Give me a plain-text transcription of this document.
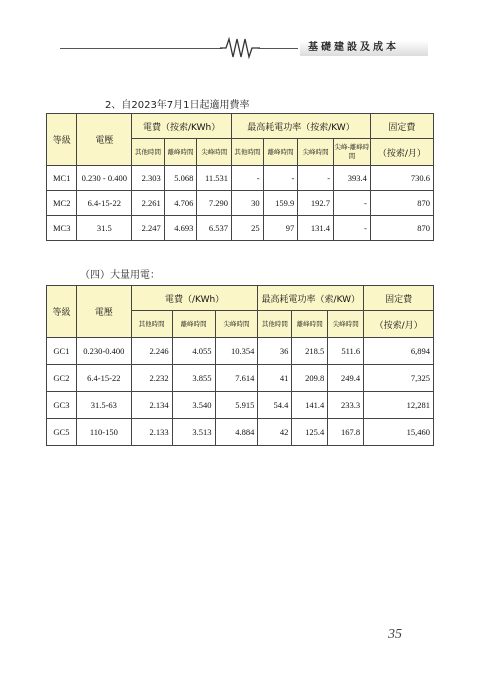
基礎建設及成本
2、自2023年7月1日起適用費率
等級	電壓	電費（按索/KWh）			最高耗電功率（按索/KW）				固定費
		其他時間	離峰時間	尖峰時間	其他時間	離峰時間	尖峰時間	尖峰-離峰時間	（按索/月）
MC1	0.230 - 0.400	2.303	5.068	11.531	-	-	-	393.4	730.6
MC2	6.4-15-22	2.261	4.706	7.290	30	159.9	192.7	-	870
MC3	31.5	2.247	4.693	6.537	25	97	131.4	-	870
（四）大量用電：
等級	電壓	電費（/KWh）			最高耗電功率（索/KW）			固定費
		其他時間	離峰時間	尖峰時間	其他時間	離峰時間	尖峰時間	（按索/月）
GC1	0.230-0.400	2.246	4.055	10.354	36	218.5	511.6	6,894
GC2	6.4-15-22	2.232	3.855	7.614	41	209.8	249.4	7,325
GC3	31.5-63	2.134	3.540	5.915	54.4	141.4	233.3	12,281
GC5	110-150	2.133	3.513	4.884	42	125.4	167.8	15,460
35
